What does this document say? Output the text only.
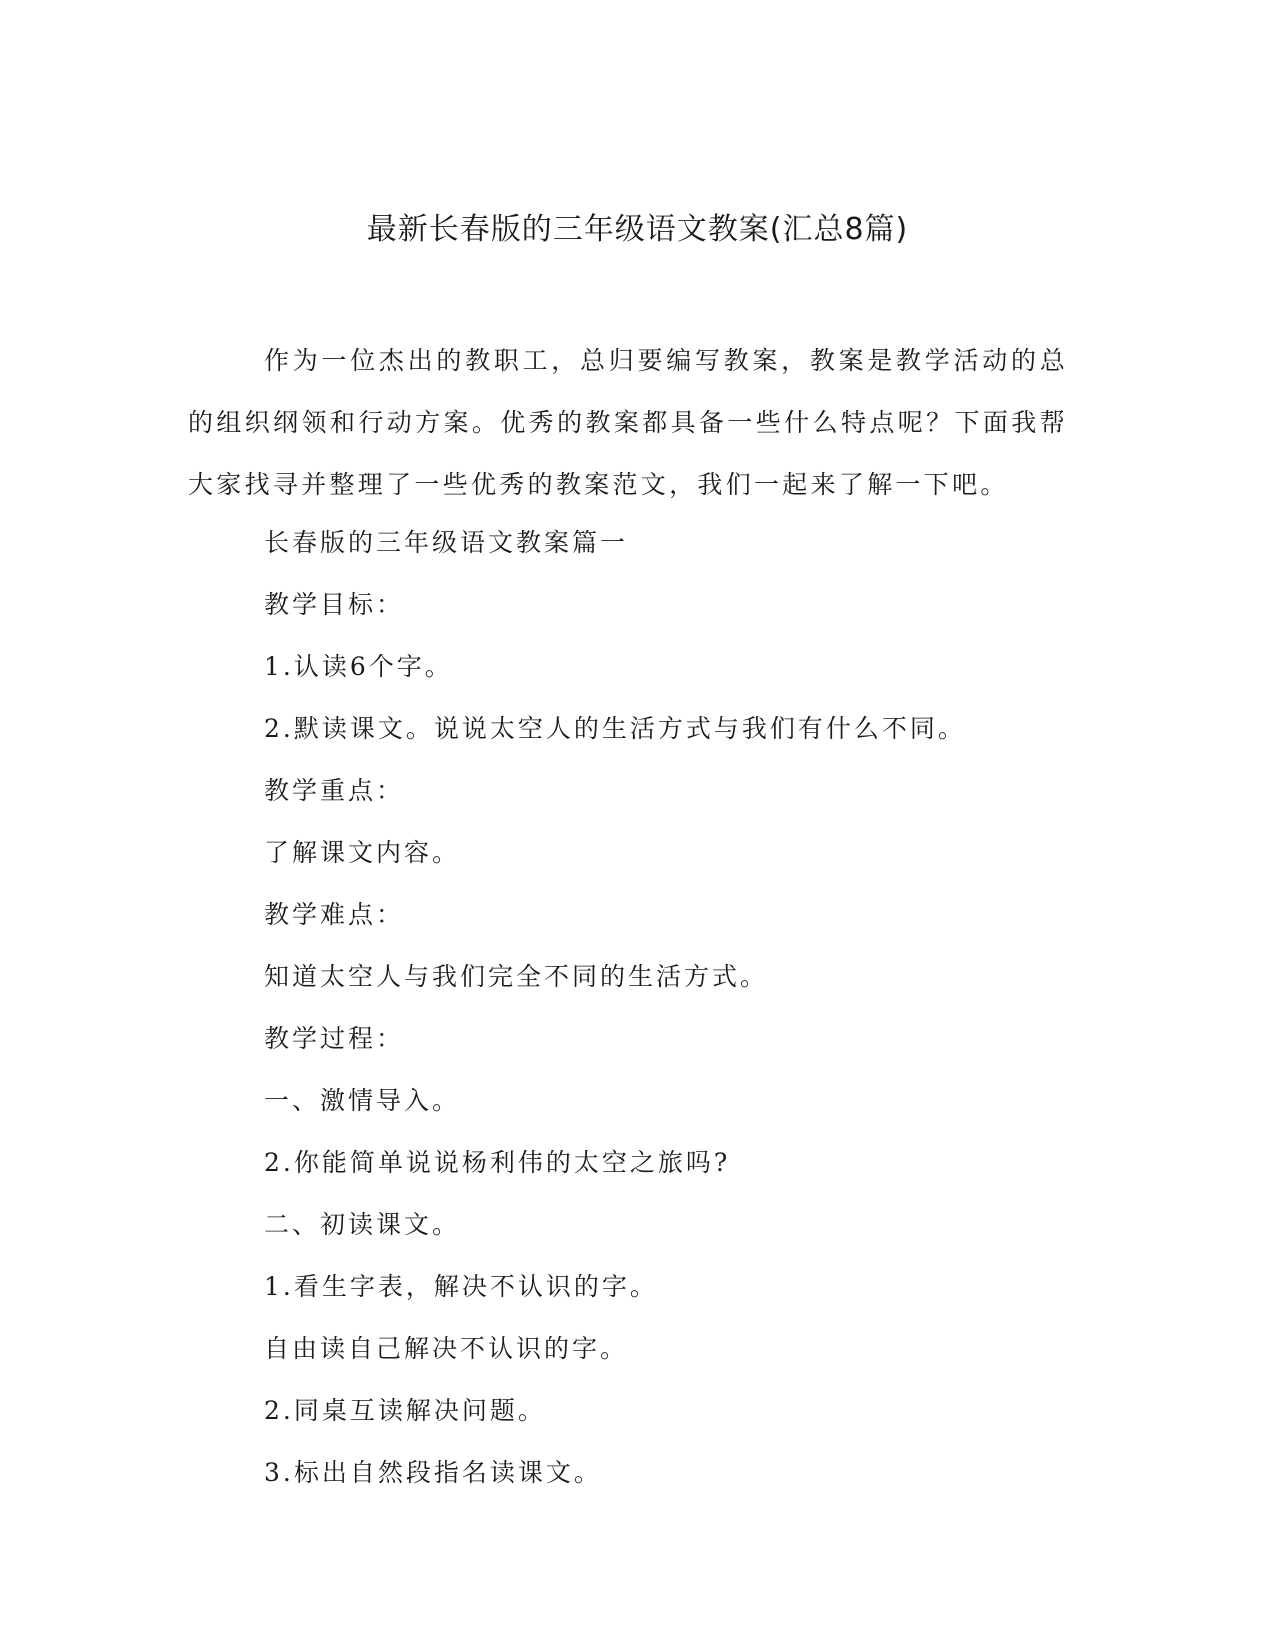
最新长春版的三年级语文教案(汇总8篇)

作为一位杰出的教职工，总归要编写教案，教案是教学活动的总的组织纲领和行动方案。优秀的教案都具备一些什么特点呢？下面我帮大家找寻并整理了一些优秀的教案范文，我们一起来了解一下吧。

长春版的三年级语文教案篇一
教学目标：
1.认读6个字。
2.默读课文。说说太空人的生活方式与我们有什么不同。
教学重点：
了解课文内容。
教学难点：
知道太空人与我们完全不同的生活方式。
教学过程：
一、激情导入。
2.你能简单说说杨利伟的太空之旅吗?
二、初读课文。
1.看生字表，解决不认识的字。
自由读自己解决不认识的字。
2.同桌互读解决问题。
3.标出自然段指名读课文。
